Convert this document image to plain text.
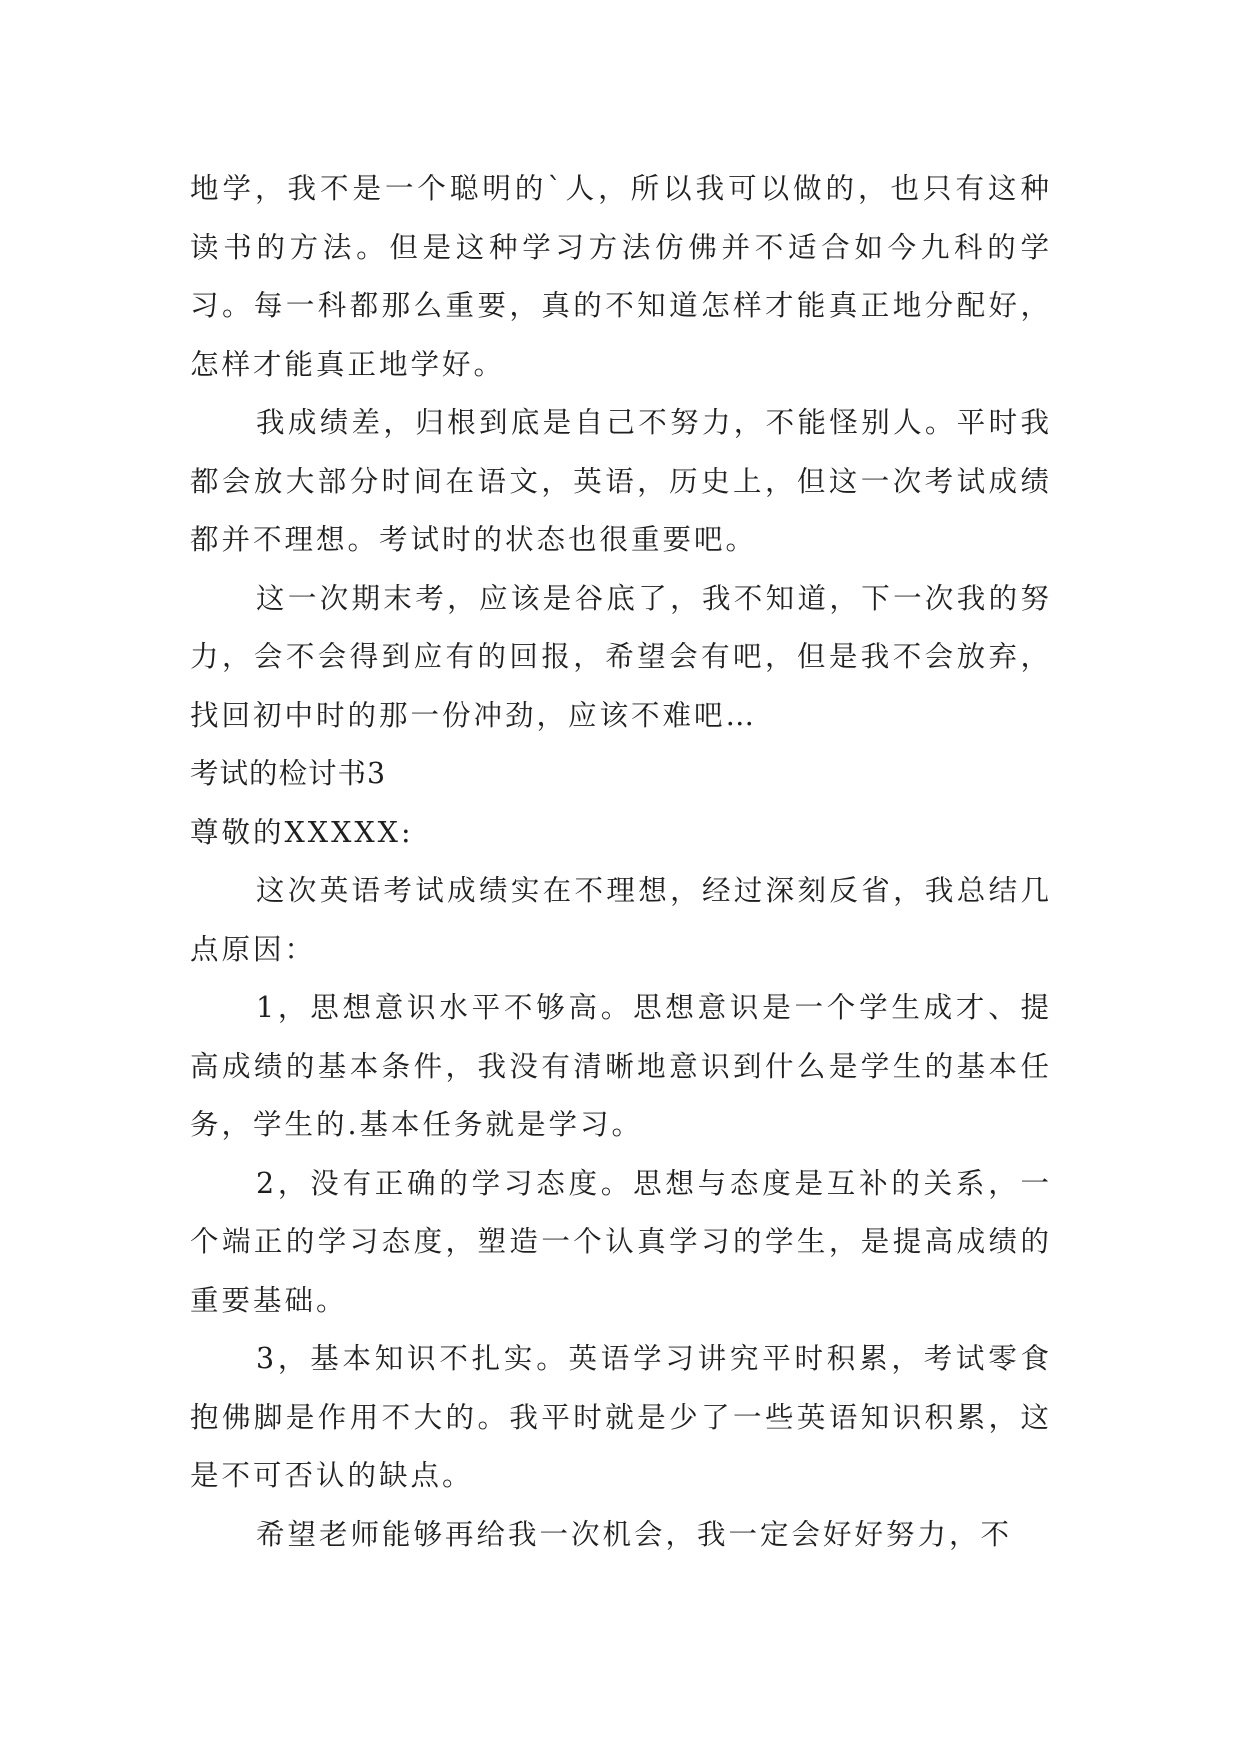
地学，我不是一个聪明的`人，所以我可以做的，也只有这种读书的方法。但是这种学习方法仿佛并不适合如今九科的学习。每一科都那么重要，真的不知道怎样才能真正地分配好，怎样才能真正地学好。

我成绩差，归根到底是自己不努力，不能怪别人。平时我都会放大部分时间在语文，英语，历史上，但这一次考试成绩都并不理想。考试时的状态也很重要吧。

这一次期末考，应该是谷底了，我不知道，下一次我的努力，会不会得到应有的回报，希望会有吧，但是我不会放弃，找回初中时的那一份冲劲，应该不难吧…

考试的检讨书3

尊敬的XXXXX:

这次英语考试成绩实在不理想，经过深刻反省，我总结几点原因：

1，思想意识水平不够高。思想意识是一个学生成才、提高成绩的基本条件，我没有清晰地意识到什么是学生的基本任务，学生的.基本任务就是学习。

2，没有正确的学习态度。思想与态度是互补的关系，一个端正的学习态度，塑造一个认真学习的学生，是提高成绩的重要基础。

3，基本知识不扎实。英语学习讲究平时积累，考试零食抱佛脚是作用不大的。我平时就是少了一些英语知识积累，这是不可否认的缺点。

希望老师能够再给我一次机会，我一定会好好努力，不
